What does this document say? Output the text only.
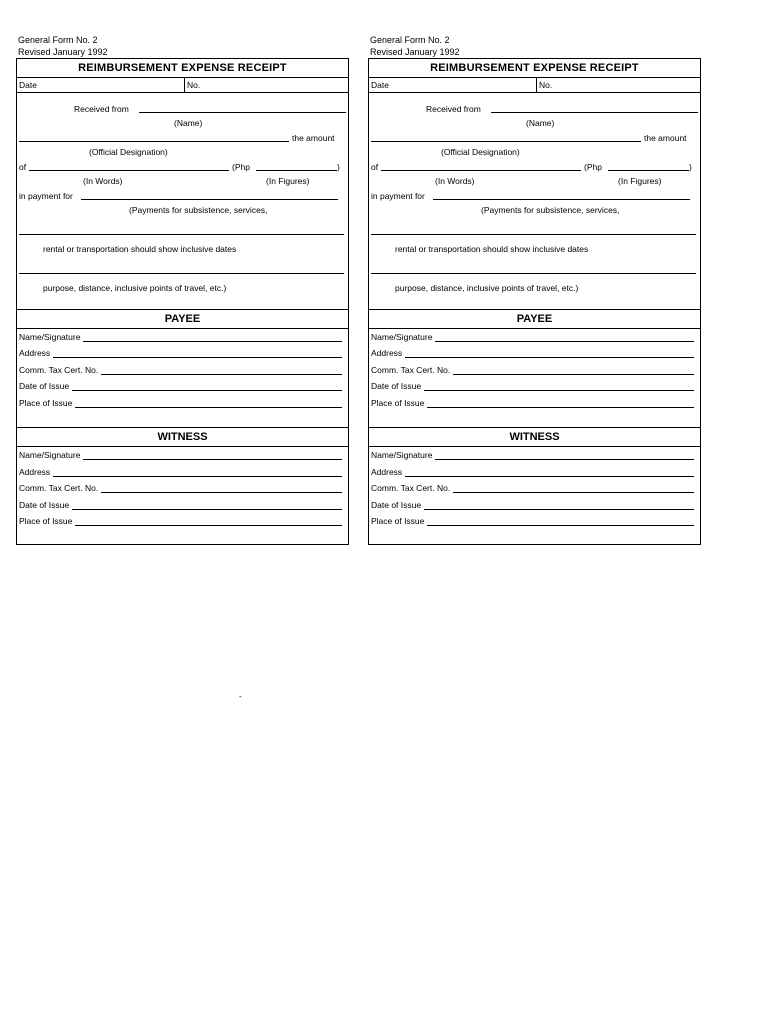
General Form No. 2
Revised January 1992
REIMBURSEMENT EXPENSE RECEIPT
Date	No.
Received from
(Name)
the amount
(Official Designation)
of	(Php	)
(In Words)	(In Figures)
in payment for
(Payments for subsistence, services,
rental or transportation should show inclusive dates
purpose, distance, inclusive points of travel, etc.)
PAYEE
Name/Signature
Address
Comm. Tax Cert. No.
Date of Issue
Place of Issue
WITNESS
Name/Signature
Address
Comm. Tax Cert. No.
Date of Issue
Place of Issue
General Form No. 2
Revised January 1992
REIMBURSEMENT EXPENSE RECEIPT
Date	No.
Received from
(Name)
the amount
(Official Designation)
of	(Php	)
(In Words)	(In Figures)
in payment for
(Payments for subsistence, services,
rental or transportation should show inclusive dates
purpose, distance, inclusive points of travel, etc.)
PAYEE
Name/Signature
Address
Comm. Tax Cert. No.
Date of Issue
Place of Issue
WITNESS
Name/Signature
Address
Comm. Tax Cert. No.
Date of Issue
Place of Issue
-
